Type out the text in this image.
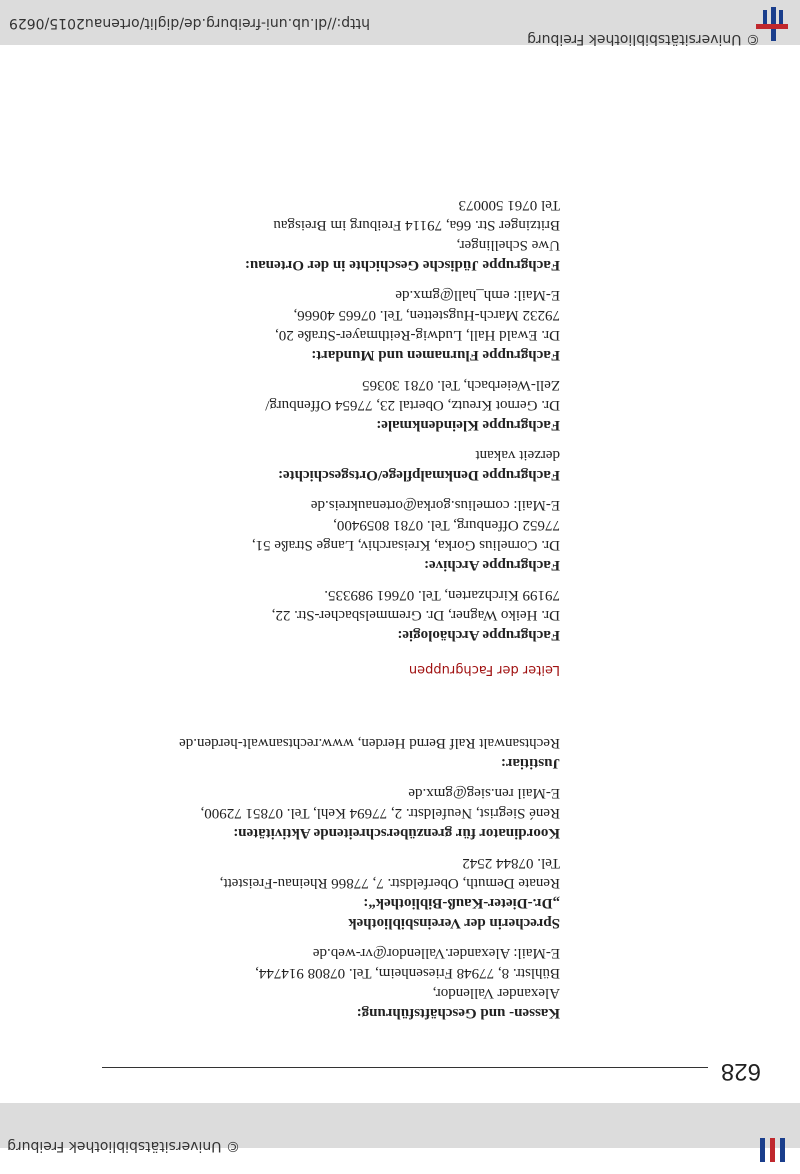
© Universitätsbibliothek Freiburg
628
Kassen- und Geschäftsführung:
Alexander Vallendor,
Bühlstr. 8, 77948 Friesenheim, Tel. 07808 914744,
E-Mail: Alexander.Vallendor@vr-web.de
Sprecherin der Vereinsbibliothek
„Dr.-Dieter-Kauß-Bibliothek“:
Renate Demuth, Oberfeldstr. 7, 77866 Rheinau-Freistett,
Tel. 07844 2542
Koordinator für grenzüberschreitende Aktivitäten:
René Siegrist, Neufeldstr. 2, 77694 Kehl, Tel. 07851 72900,
E-Mail ren.sieg@gmx.de
Justitiar:
Rechtsanwalt Ralf Bernd Herden, www.rechtsanwalt-herden.de
Leiter der Fachgruppen
Fachgruppe Archäologie:
Dr. Heiko Wagner, Dr. Gremmelsbacher-Str. 22,
79199 Kirchzarten, Tel. 07661 989335.
Fachgruppe Archive:
Dr. Cornelius Gorka, Kreisarchiv, Lange Straße 51,
77652 Offenburg, Tel. 0781 8059400,
E-Mail: cornelius.gorka@ortenaukreis.de
Fachgruppe Denkmalpflege/Ortsgeschichte:
derzeit vakant
Fachgruppe Kleindenkmale:
Dr. Gernot Kreutz, Obertal 23, 77654 Offenburg/
Zell-Weierbach, Tel. 0781 30365
Fachgruppe Flurnamen und Mundart:
Dr. Ewald Hall, Ludwig-Reithmayer-Straße 20,
79232 March-Hugstetten, Tel. 07665 40666,
E-Mail: emh_hall@gmx.de
Fachgruppe Jüdische Geschichte in der Ortenau:
Uwe Schellinger,
Britzinger Str. 66a, 79114 Freiburg im Breisgau
Tel 0761 500073
http://dl.ub.uni-freiburg.de/diglit/ortenau2015/0629
© Universitätsbibliothek Freiburg
